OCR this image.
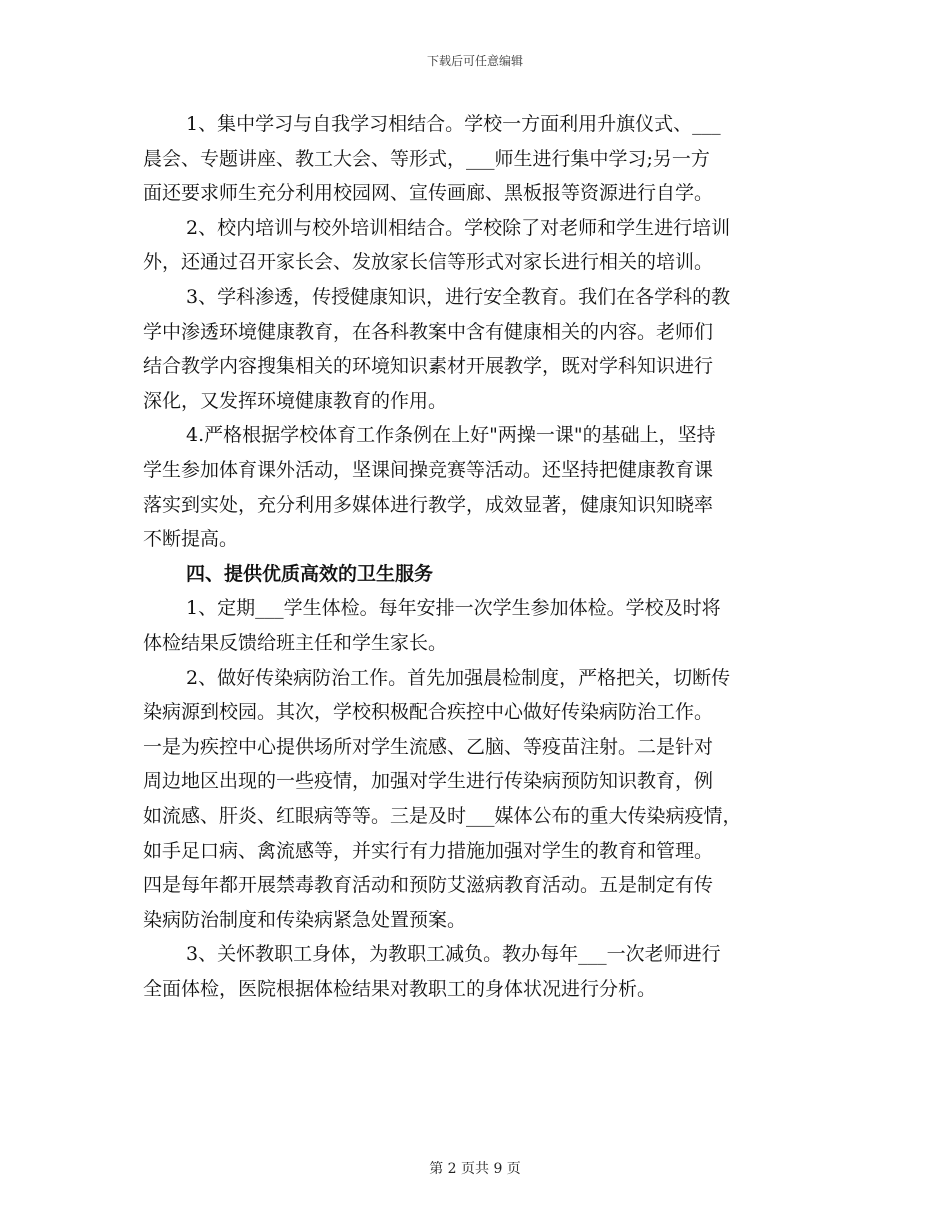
下载后可任意编辑
1、集中学习与自我学习相结合。学校一方面利用升旗仪式、___
晨会、专题讲座、教工大会、等形式，___师生进行集中学习;另一方
面还要求师生充分利用校园网、宣传画廊、黑板报等资源进行自学。
2、校内培训与校外培训相结合。学校除了对老师和学生进行培训
外，还通过召开家长会、发放家长信等形式对家长进行相关的培训。
3、学科渗透，传授健康知识，进行安全教育。我们在各学科的教
学中渗透环境健康教育，在各科教案中含有健康相关的内容。老师们
结合教学内容搜集相关的环境知识素材开展教学，既对学科知识进行
深化，又发挥环境健康教育的作用。
4.严格根据学校体育工作条例在上好"两操一课"的基础上，坚持
学生参加体育课外活动，坚课间操竞赛等活动。还坚持把健康教育课
落实到实处，充分利用多媒体进行教学，成效显著，健康知识知晓率
不断提高。
四、提供优质高效的卫生服务
1、定期___学生体检。每年安排一次学生参加体检。学校及时将
体检结果反馈给班主任和学生家长。
2、做好传染病防治工作。首先加强晨检制度，严格把关，切断传
染病源到校园。其次，学校积极配合疾控中心做好传染病防治工作。
一是为疾控中心提供场所对学生流感、乙脑、等疫苗注射。二是针对
周边地区出现的一些疫情，加强对学生进行传染病预防知识教育，例
如流感、肝炎、红眼病等等。三是及时___媒体公布的重大传染病疫情，
如手足口病、禽流感等，并实行有力措施加强对学生的教育和管理。
四是每年都开展禁毒教育活动和预防艾滋病教育活动。五是制定有传
染病防治制度和传染病紧急处置预案。
3、关怀教职工身体，为教职工减负。教办每年___一次老师进行
全面体检，医院根据体检结果对教职工的身体状况进行分析。
第 2 页共 9 页
